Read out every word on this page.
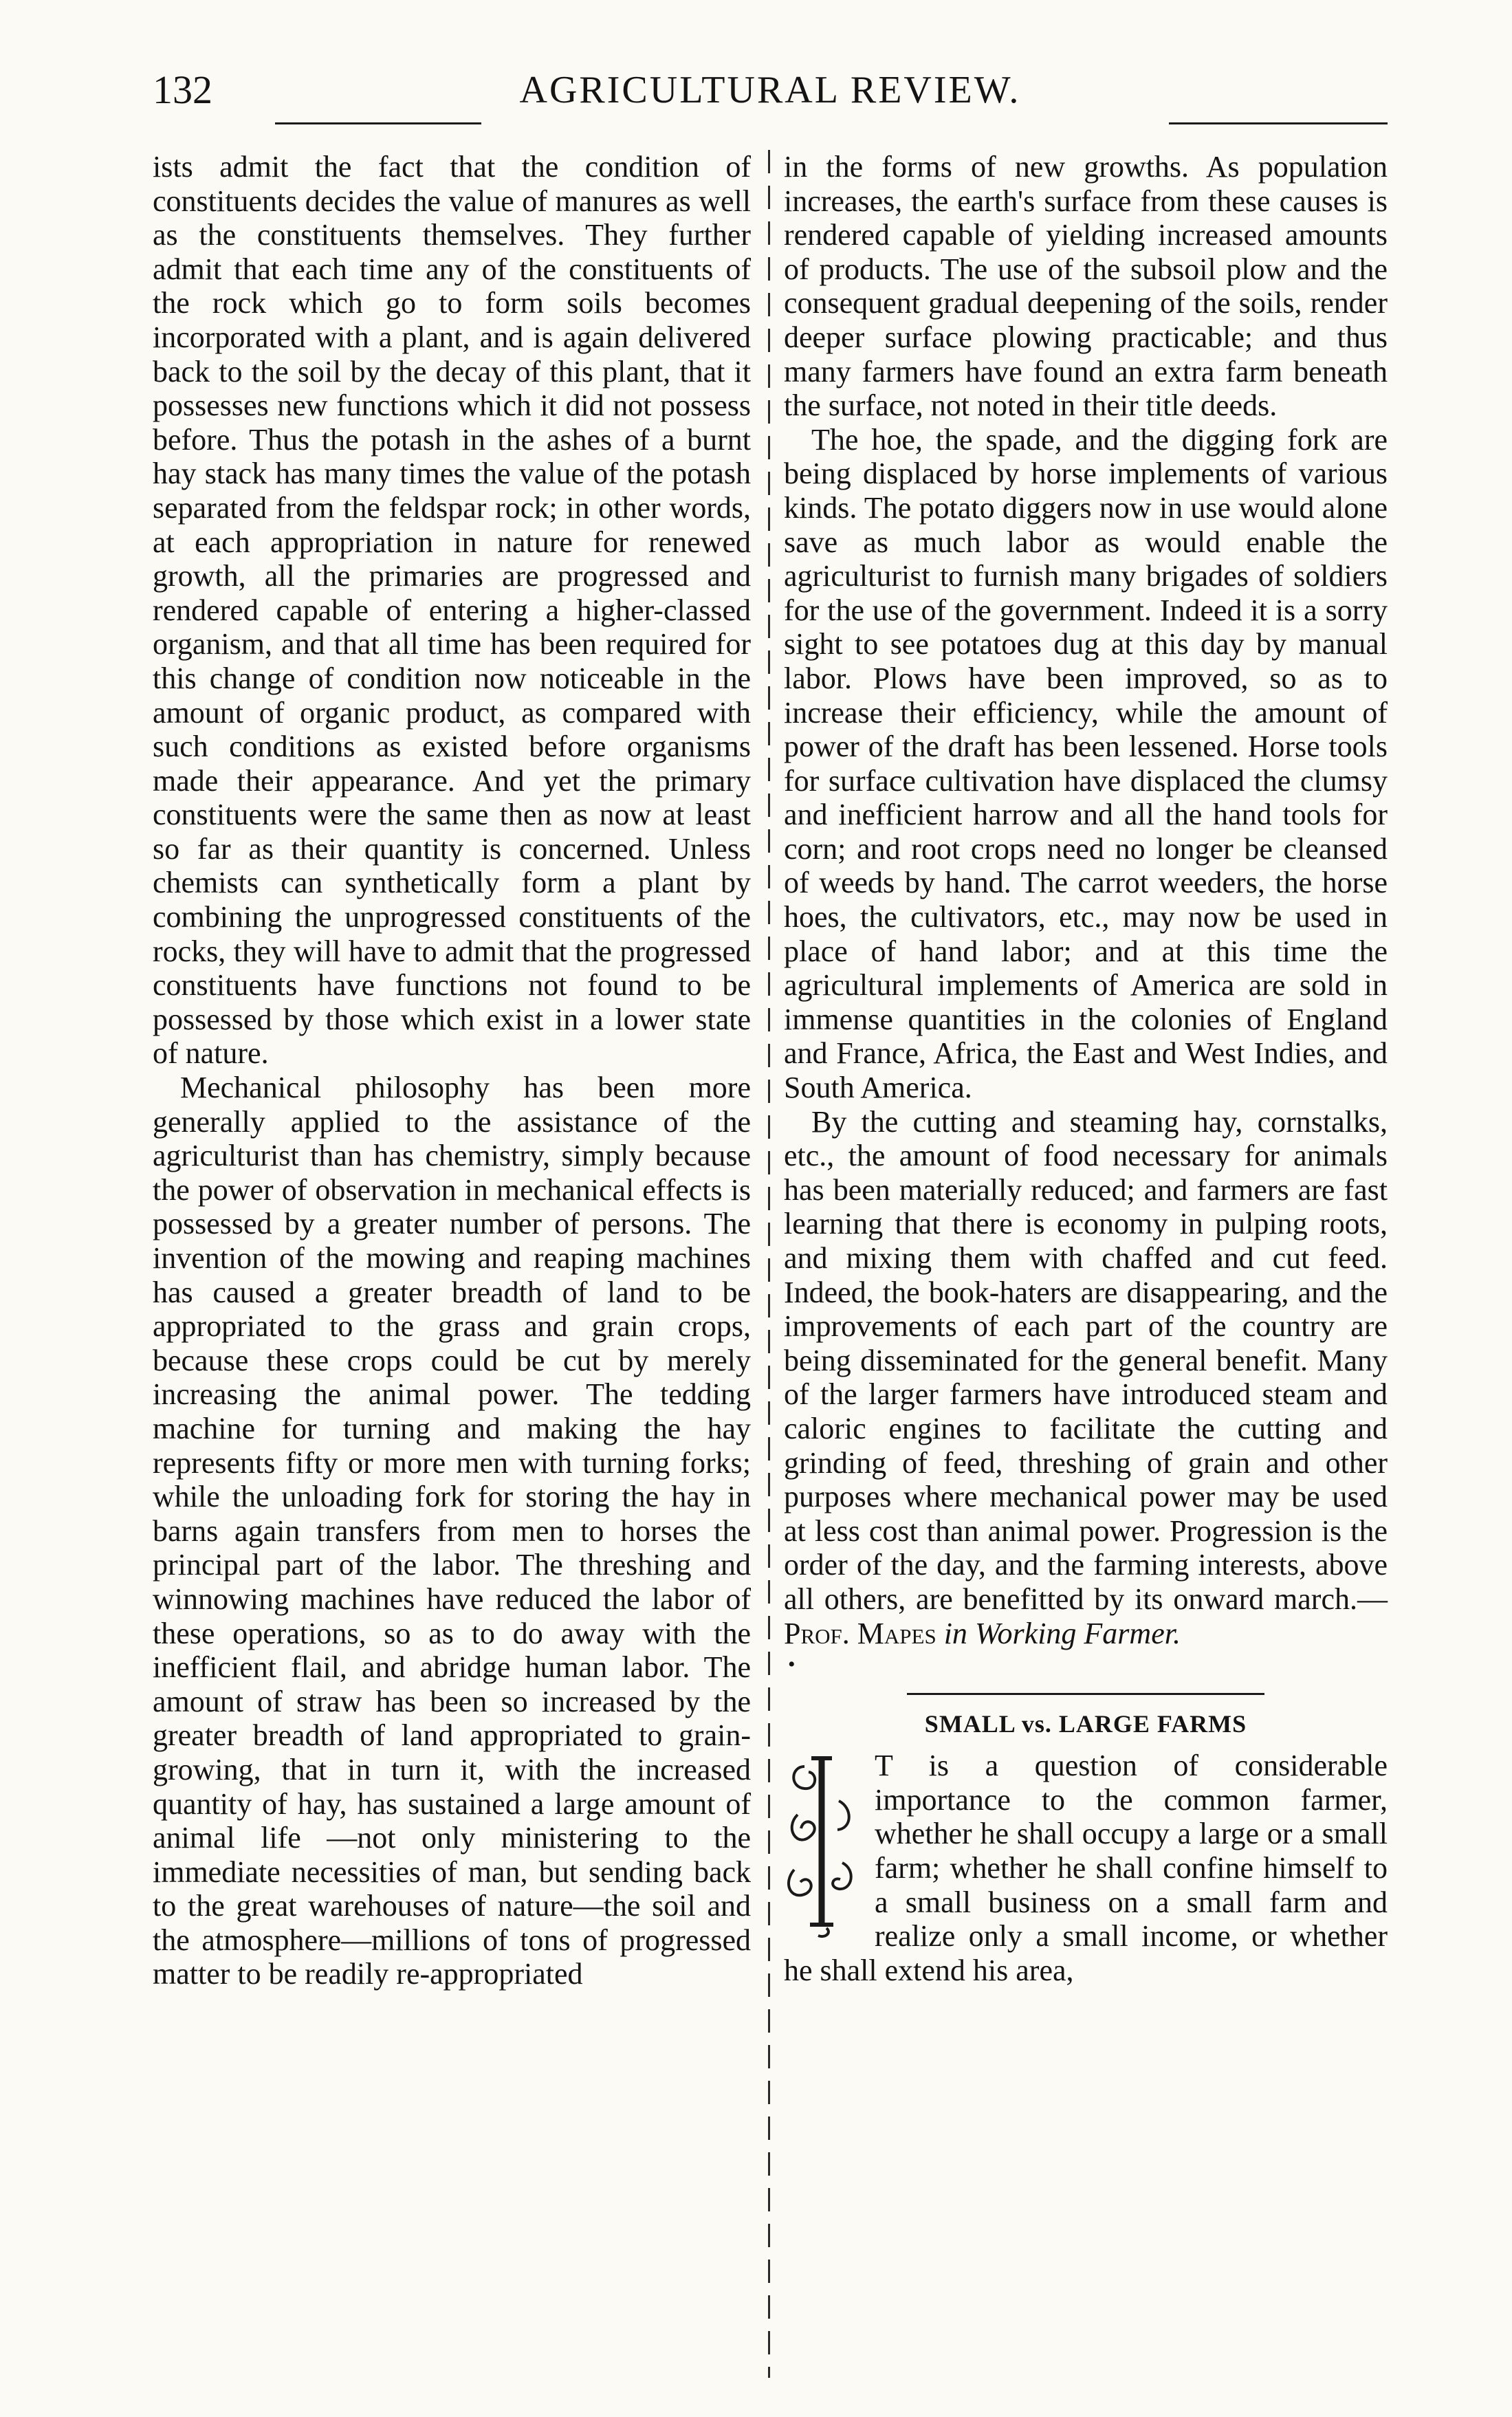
132	AGRICULTURAL REVIEW.

ists admit the fact that the condition of constituents decides the value of manures as well as the constituents themselves. They further admit that each time any of the constituents of the rock which go to form soils becomes incorporated with a plant, and is again delivered back to the soil by the decay of this plant, that it possesses new functions which it did not possess before. Thus the potash in the ashes of a burnt hay stack has many times the value of the potash separated from the feldspar rock; in other words, at each appropriation in nature for renewed growth, all the primaries are progressed and rendered capable of entering a higher-classed organism, and that all time has been required for this change of condition now noticeable in the amount of organic product, as compared with such conditions as existed before organisms made their appearance. And yet the primary constituents were the same then as now at least so far as their quantity is concerned. Unless chemists can synthetically form a plant by combining the unprogressed constituents of the rocks, they will have to admit that the progressed constituents have functions not found to be possessed by those which exist in a lower state of nature.

Mechanical philosophy has been more generally applied to the assistance of the agriculturist than has chemistry, simply because the power of observation in mechanical effects is possessed by a greater number of persons. The invention of the mowing and reaping machines has caused a greater breadth of land to be appropriated to the grass and grain crops, because these crops could be cut by merely increasing the animal power. The tedding machine for turning and making the hay represents fifty or more men with turning forks; while the unloading fork for storing the hay in barns again transfers from men to horses the principal part of the labor. The threshing and winnowing machines have reduced the labor of these operations, so as to do away with the inefficient flail, and abridge human labor. The amount of straw has been so increased by the greater breadth of land appropriated to grain-growing, that in turn it, with the increased quantity of hay, has sustained a large amount of animal life —not only ministering to the immediate necessities of man, but sending back to the great warehouses of nature—the soil and the atmosphere—millions of tons of progressed matter to be readily re-appropriated

in the forms of new growths. As population increases, the earth's surface from these causes is rendered capable of yielding increased amounts of products. The use of the subsoil plow and the consequent gradual deepening of the soils, render deeper surface plowing practicable; and thus many farmers have found an extra farm beneath the surface, not noted in their title deeds.

The hoe, the spade, and the digging fork are being displaced by horse implements of various kinds. The potato diggers now in use would alone save as much labor as would enable the agriculturist to furnish many brigades of soldiers for the use of the government. Indeed it is a sorry sight to see potatoes dug at this day by manual labor. Plows have been improved, so as to increase their efficiency, while the amount of power of the draft has been lessened. Horse tools for surface cultivation have displaced the clumsy and inefficient harrow and all the hand tools for corn; and root crops need no longer be cleansed of weeds by hand. The carrot weeders, the horse hoes, the cultivators, etc., may now be used in place of hand labor; and at this time the agricultural implements of America are sold in immense quantities in the colonies of England and France, Africa, the East and West Indies, and South America.

By the cutting and steaming hay, cornstalks, etc., the amount of food necessary for animals has been materially reduced; and farmers are fast learning that there is economy in pulping roots, and mixing them with chaffed and cut feed. Indeed, the book-haters are disappearing, and the improvements of each part of the country are being disseminated for the general benefit. Many of the larger farmers have introduced steam and caloric engines to facilitate the cutting and grinding of feed, threshing of grain and other purposes where mechanical power may be used at less cost than animal power. Progression is the order of the day, and the farming interests, above all others, are benefitted by its onward march.—Prof. Mapes in Working Farmer.

•
SMALL vs. LARGE FARMS

T is a question of considerable importance to the common farmer, whether he shall occupy a large or a small farm; whether he shall confine himself to a small business on a small farm and realize only a small income, or whether he shall extend his area,
